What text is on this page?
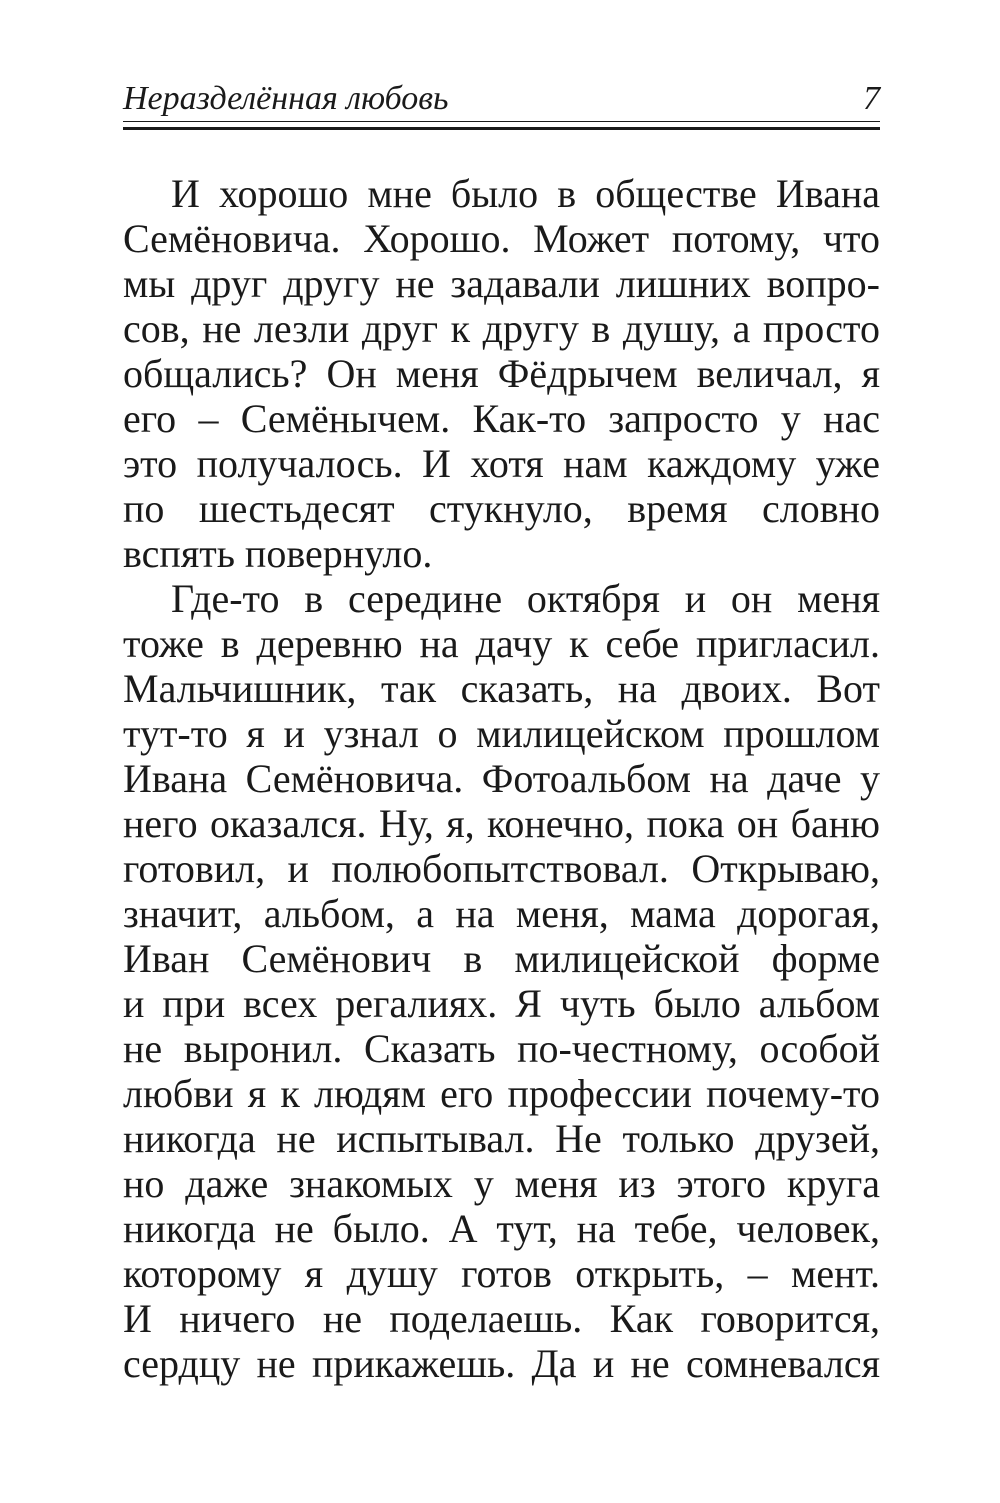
Неразделённая любовь	7
И хорошо мне было в обществе Ивана
Семёновича. Хорошо. Может потому, что
мы друг другу не задавали лишних вопро-
сов, не лезли друг к другу в душу, а просто
общались? Он меня Фёдрычем величал, я
его – Семёнычем. Как-то запросто у нас
это получалось. И хотя нам каждому уже
по шестьдесят стукнуло, время словно
вспять повернуло.
Где-то в середине октября и он меня
тоже в деревню на дачу к себе пригласил.
Мальчишник, так сказать, на двоих. Вот
тут-то я и узнал о милицейском прошлом
Ивана Семёновича. Фотоальбом на даче у
него оказался. Ну, я, конечно, пока он баню
готовил, и полюбопытствовал. Открываю,
значит, альбом, а на меня, мама дорогая,
Иван Семёнович в милицейской форме
и при всех регалиях. Я чуть было альбом
не выронил. Сказать по-честному, особой
любви я к людям его профессии почему-то
никогда не испытывал. Не только друзей,
но даже знакомых у меня из этого круга
никогда не было. А тут, на тебе, человек,
которому я душу готов открыть, – мент.
И ничего не поделаешь. Как говорится,
сердцу не прикажешь. Да и не сомневался
